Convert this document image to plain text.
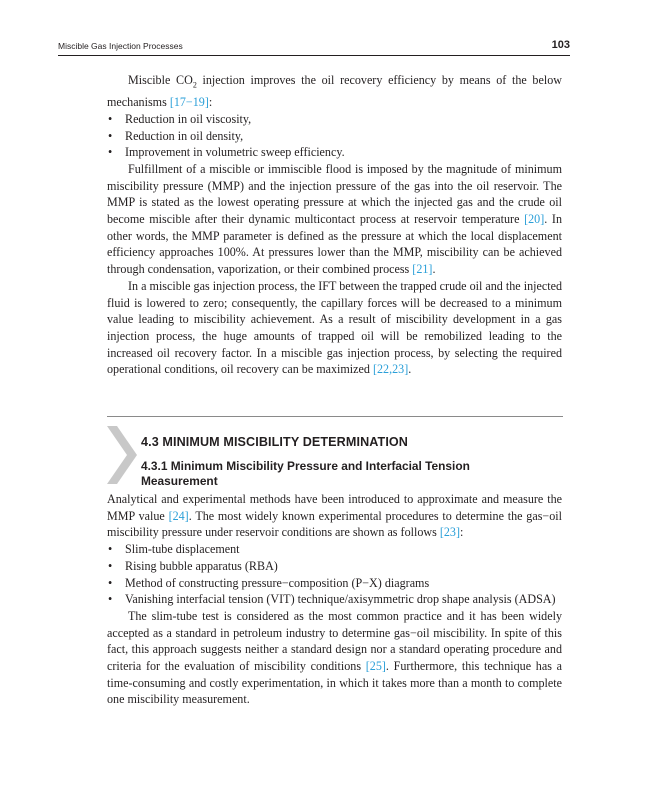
Miscible Gas Injection Processes	103

Miscible $CO_2$ injection improves the oil recovery efficiency by means of the below mechanisms [17−19]:

• Reduction in oil viscosity,
• Reduction in oil density,
• Improvement in volumetric sweep efficiency.

Fulfillment of a miscible or immiscible flood is imposed by the magnitude of minimum miscibility pressure (MMP) and the injection pressure of the gas into the oil reservoir. The MMP is stated as the lowest operating pressure at which the injected gas and the crude oil become miscible after their dynamic multicontact process at reservoir temperature [20]. In other words, the MMP parameter is defined as the pressure at which the local displacement efficiency approaches 100%. At pressures lower than the MMP, miscibility can be achieved through condensation, vaporization, or their combined process [21].

In a miscible gas injection process, the IFT between the trapped crude oil and the injected fluid is lowered to zero; consequently, the capillary forces will be decreased to a minimum value leading to miscibility achievement. As a result of miscibility development in a gas injection process, the huge amounts of trapped oil will be remobilized leading to the increased oil recovery factor. In a miscible gas injection process, by selecting the required operational conditions, oil recovery can be maximized [22,23].

4.3 MINIMUM MISCIBILITY DETERMINATION
4.3.1 Minimum Miscibility Pressure and Interfacial Tension Measurement

Analytical and experimental methods have been introduced to approximate and measure the MMP value [24]. The most widely known experimental procedures to determine the gas−oil miscibility pressure under reservoir conditions are shown as follows [23]:

• Slim-tube displacement
• Rising bubble apparatus (RBA)
• Method of constructing pressure−composition (P−X) diagrams
• Vanishing interfacial tension (VIT) technique/axisymmetric drop shape analysis (ADSA)

The slim-tube test is considered as the most common practice and it has been widely accepted as a standard in petroleum industry to determine gas−oil miscibility. In spite of this fact, this approach suggests neither a standard design nor a standard operating procedure and criteria for the evaluation of miscibility conditions [25]. Furthermore, this technique has a time-consuming and costly experimentation, in which it takes more than a month to complete one miscibility measurement.
